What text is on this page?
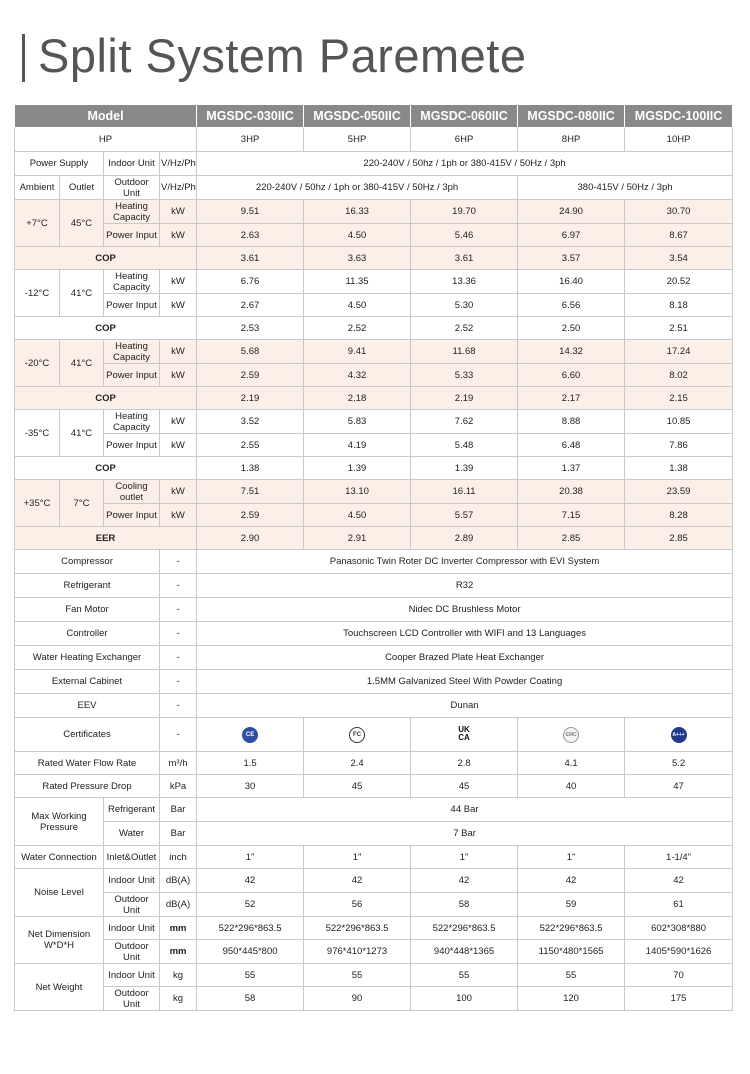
Split System Paremete
Model				MGSDC-030IIC	MGSDC-050IIC	MGSDC-060IIC	MGSDC-080IIC	MGSDC-100IIC
HP				3HP	5HP	6HP	8HP	10HP
Power Supply		Indoor Unit	V/Hz/Ph	220-240V / 50hz / 1ph or 380-415V / 50Hz / 3ph				
Ambient	Outlet	Outdoor Unit	V/Hz/Ph	220-240V / 50hz / 1ph or 380-415V / 50Hz / 3ph			380-415V / 50Hz / 3ph	
+7°C	45°C	Heating Capacity	kW	9.51	16.33	19.70	24.90	30.70
		Power Input	kW	2.63	4.50	5.46	6.97	8.67
COP				3.61	3.63	3.61	3.57	3.54
-12°C	41°C	Heating Capacity	kW	6.76	11.35	13.36	16.40	20.52
		Power Input	kW	2.67	4.50	5.30	6.56	8.18
COP				2.53	2.52	2.52	2.50	2.51
-20°C	41°C	Heating Capacity	kW	5.68	9.41	11.68	14.32	17.24
		Power Input	kW	2.59	4.32	5.33	6.60	8.02
COP				2.19	2.18	2.19	2.17	2.15
-35°C	41°C	Heating Capacity	kW	3.52	5.83	7.62	8.88	10.85
		Power Input	kW	2.55	4.19	5.48	6.48	7.86
COP				1.38	1.39	1.39	1.37	1.38
+35°C	7°C	Cooling outlet	kW	7.51	13.10	16.11	20.38	23.59
		Power Input	kW	2.59	4.50	5.57	7.15	8.28
EER				2.90	2.91	2.89	2.85	2.85
Compressor			-	Panasonic Twin Roter DC Inverter Compressor with EVI System				
Refrigerant			-	R32				
Fan Motor			-	Nidec DC Brushless Motor				
Controller			-	Touchscreen LCD Controller with WIFI and 13 Languages				
Water Heating Exchanger			-	Cooper Brazed Plate Heat Exchanger				
External Cabinet			-	1.5MM Galvanized Steel With Powder Coating				
EEV			-	Dunan				
Certificates			-	CE	FC	UK CA	EMC	A+++
Rated Water Flow Rate			m³/h	1.5	2.4	2.8	4.1	5.2
Rated Pressure Drop			kPa	30	45	45	40	47
Max Working Pressure		Refrigerant	Bar	44 Bar				
		Water	Bar	7 Bar				
Water Connection		Inlet&Outlet	inch	1"	1"	1"	1"	1-1/4"
Noise Level		Indoor Unit	dB(A)	42	42	42	42	42
		Outdoor Unit	dB(A)	52	56	58	59	61
Net Dimension W*D*H		Indoor Unit	mm	522*296*863.5	522*296*863.5	522*296*863.5	522*296*863.5	602*308*880
		Outdoor Unit	mm	950*445*800	976*410*1273	940*448*1365	1150*480*1565	1405*590*1626
Net Weight		Indoor Unit	kg	55	55	55	55	70
		Outdoor Unit	kg	58	90	100	120	175
